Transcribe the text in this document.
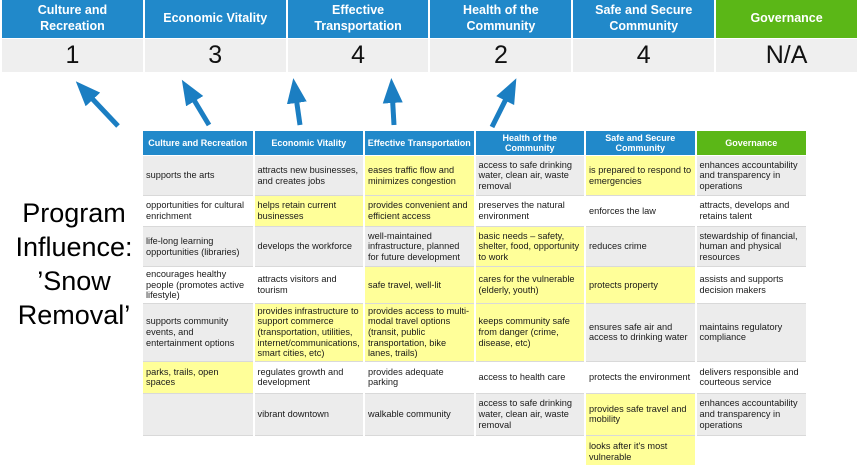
Culture and Recreation
Economic Vitality
Effective Transportation
Health of the Community
Safe and Secure Community
Governance
1	3	4	2	4	N/A
Program Influence: ’Snow Removal’
Culture and Recreation	Economic Vitality	Effective Transportation	Health of the Community	Safe and Secure Community	Governance
supports the arts	attracts new businesses, and creates jobs	eases traffic flow and minimizes congestion	access to safe drinking water, clean air, waste removal	is prepared to respond to emergencies	enhances accountability and transparency in operations
opportunities for cultural enrichment	helps retain current businesses	provides convenient and efficient access	preserves the natural environment	enforces the law	attracts, develops and retains talent
life-long learning opportunities (libraries)	develops the workforce	well-maintained infrastructure, planned for future development	basic needs – safety, shelter, food, opportunity to work	reduces crime	stewardship of financial, human and physical resources
encourages healthy people (promotes active lifestyle)	attracts visitors and tourism	safe travel, well-lit	cares for the vulnerable (elderly, youth)	protects property	assists and supports decision makers
supports community events, and entertainment options	provides infrastructure to support commerce (transportation, utilities, internet/communications, smart cities, etc)	provides access to multi-modal travel options (transit, public transportation, bike lanes, trails)	keeps community safe from danger (crime, disease, etc)	ensures safe air and access to drinking water	maintains regulatory compliance
parks, trails, open spaces	regulates growth and development	provides adequate parking	access to health care	protects the environment	delivers responsible and courteous service
	vibrant downtown	walkable community	access to safe drinking water, clean air, waste removal	provides safe travel and mobility	enhances accountability and transparency in operations
				looks after it's most vulnerable	
